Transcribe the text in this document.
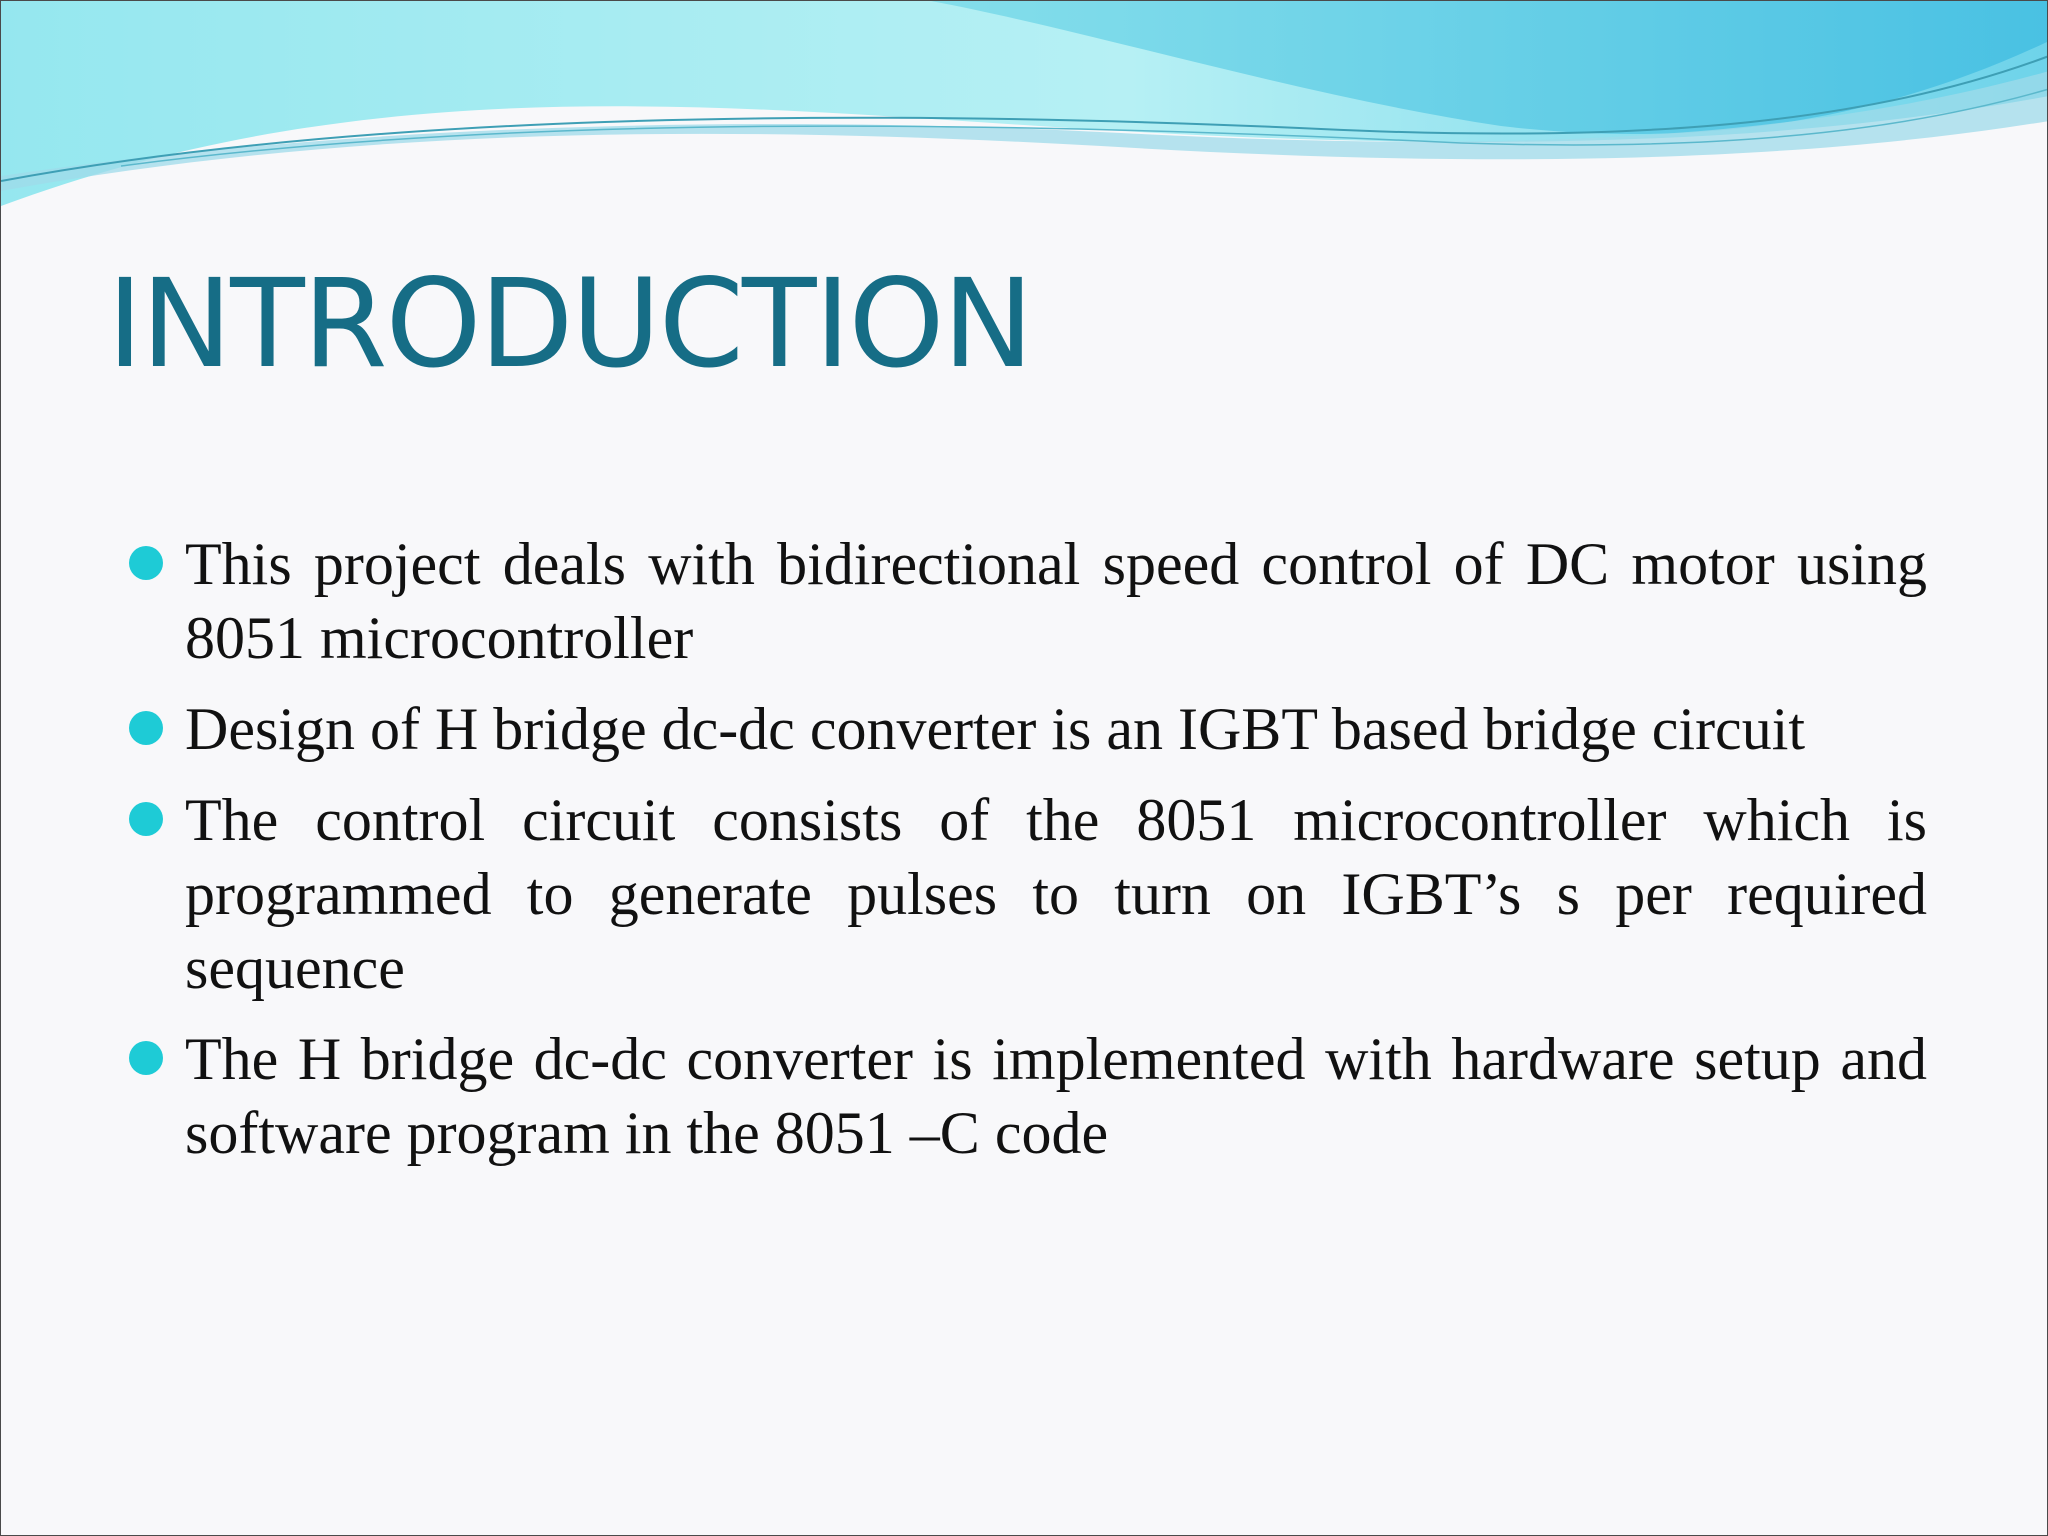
INTRODUCTION
This project deals with bidirectional speed control of DC motor using 8051 microcontroller
Design of H bridge dc-dc converter is an IGBT based bridge circuit
The control circuit consists of the 8051 microcontroller which is programmed to generate pulses to turn on IGBT’s s per required sequence
The H bridge dc-dc converter is implemented with hardware setup and software program in the 8051 –C code
